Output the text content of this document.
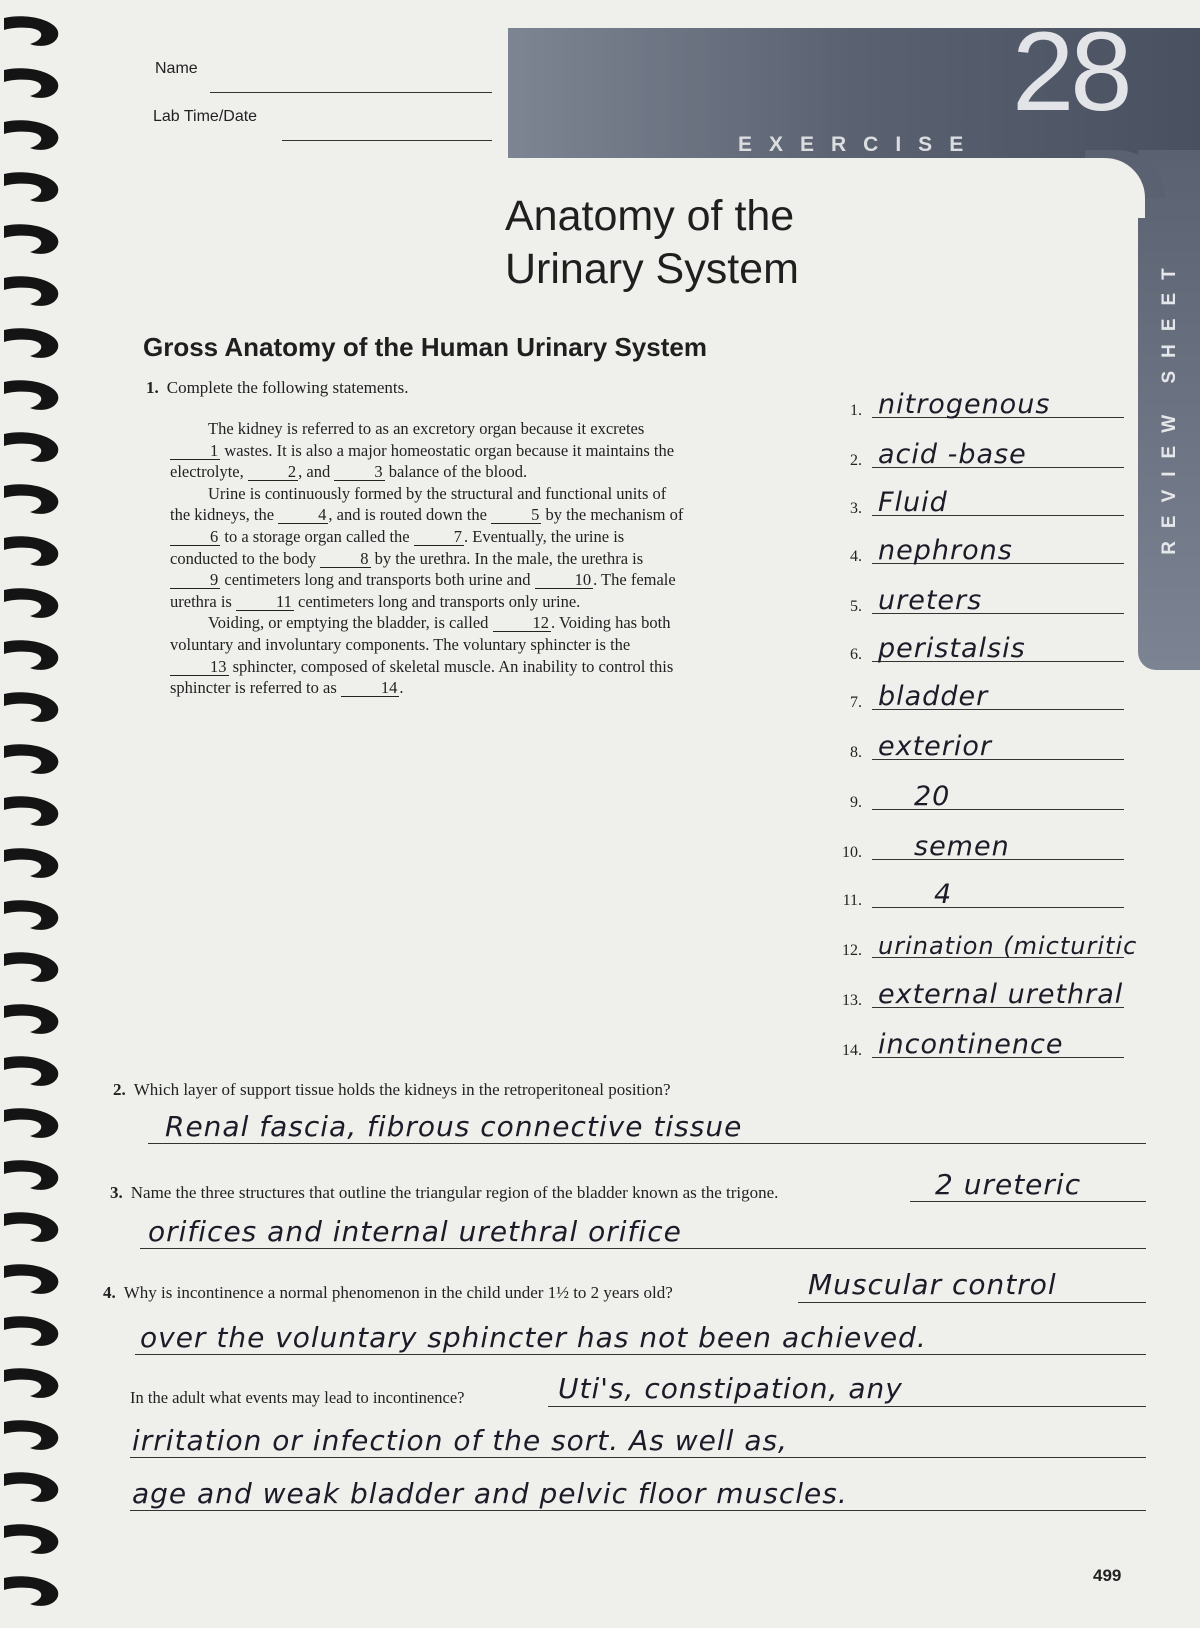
EXERCISE
28
REVIEW SHEET
Name
Lab Time/Date
Anatomy of the
Urinary System
Gross Anatomy of the Human Urinary System
1. Complete the following statements.

The kidney is referred to as an excretory organ because it excretes 1 wastes. It is also a major homeostatic organ because it maintains the electrolyte, 2 , and 3 balance of the blood.

Urine is continuously formed by the structural and functional units of the kidneys, the 4 , and is routed down the 5 by the mechanism of 6 to a storage organ called the 7 . Eventually, the urine is conducted to the body 8 by the urethra. In the male, the urethra is 9 centimeters long and transports both urine and 10 . The female urethra is 11 centimeters long and transports only urine.

Voiding, or emptying the bladder, is called 12 . Voiding has both voluntary and involuntary components. The voluntary sphincter is the 13 sphincter, composed of skeletal muscle. An inability to control this sphincter is referred to as 14 .

1. nitrogenous
2. acid -base
3. Fluid
4. nephrons
5. ureters
6. peristalsis
7. bladder
8. exterior
9. 20
10. semen
11.	4
12. urination (micturitic
13. external urethral
14. incontinence
2. Which layer of support tissue holds the kidneys in the retroperitoneal position?
Renal fascia, fibrous connective tissue
3. Name the three structures that outline the triangular region of the bladder known as the trigone.	2 ureteric
orifices and internal urethral orifice
4. Why is incontinence a normal phenomenon in the child under 1½ to 2 years old?	Muscular control
over the voluntary sphincter has not been achieved.
In the adult what events may lead to incontinence?	Uti's, constipation, any
irritation or infection of the sort. As well as,
age and weak bladder and pelvic floor muscles.
499
